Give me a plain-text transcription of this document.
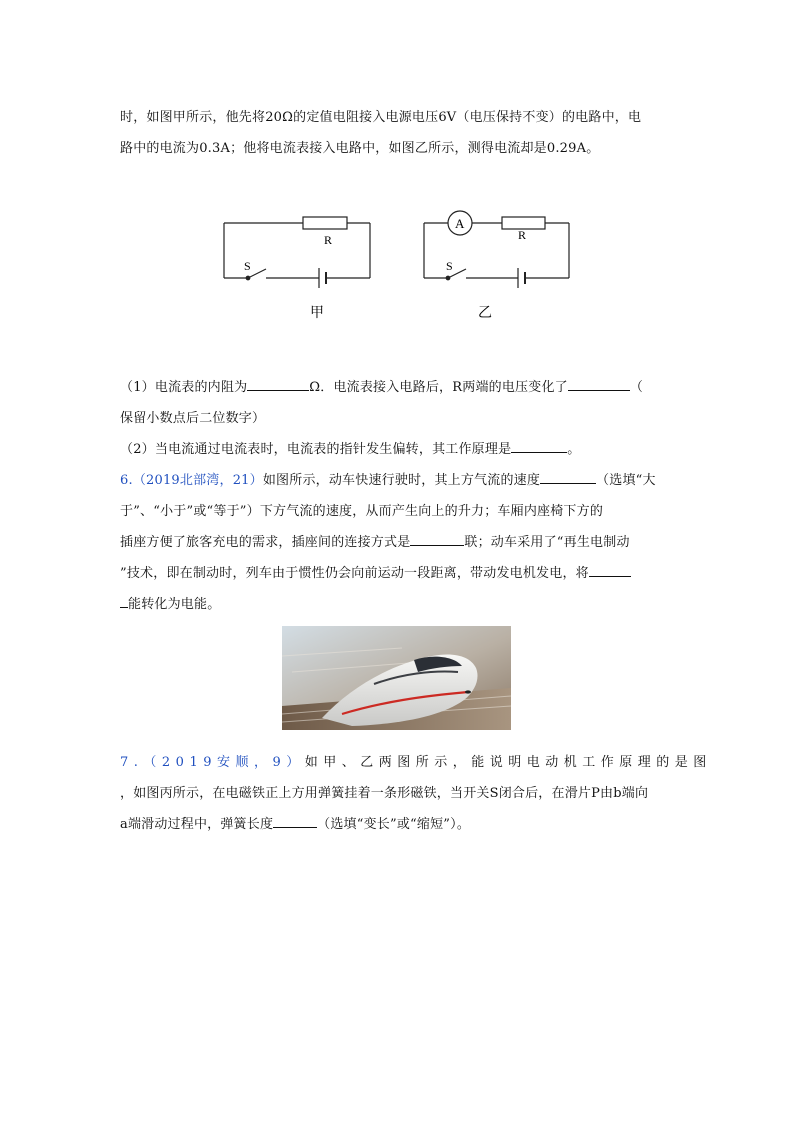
时，如图甲所示，他先将20Ω的定值电阻接入电源电压6V（电压保持不变）的电路中，电
路中的电流为0.3A；他将电流表接入电路中，如图乙所示，测得电流却是0.29A。
R
S
甲
A
R
S
乙
（1）电流表的内阻为	Ω．电流表接入电路后，R两端的电压变化了	（
保留小数点后二位数字）
（2）当电流通过电流表时，电流表的指针发生偏转，其工作原理是	。
6.（2019北部湾，21）如图所示，动车快速行驶时，其上方气流的速度	（选填“大
于”、“小于”或“等于”）下方气流的速度，从而产生向上的升力；车厢内座椅下方的
插座方便了旅客充电的需求，插座间的连接方式是	联；动车采用了“再生电制动
”技术，即在制动时，列车由于惯性仍会向前运动一段距离，带动发电机发电，将
能转化为电能。
7.（2019安顺，9）如甲、乙两图所示，能说明电动机工作原理的是图
，如图丙所示，在电磁铁正上方用弹簧挂着一条形磁铁，当开关S闭合后，在滑片P由b端向
a端滑动过程中，弹簧长度	（选填“变长”或“缩短”）。
